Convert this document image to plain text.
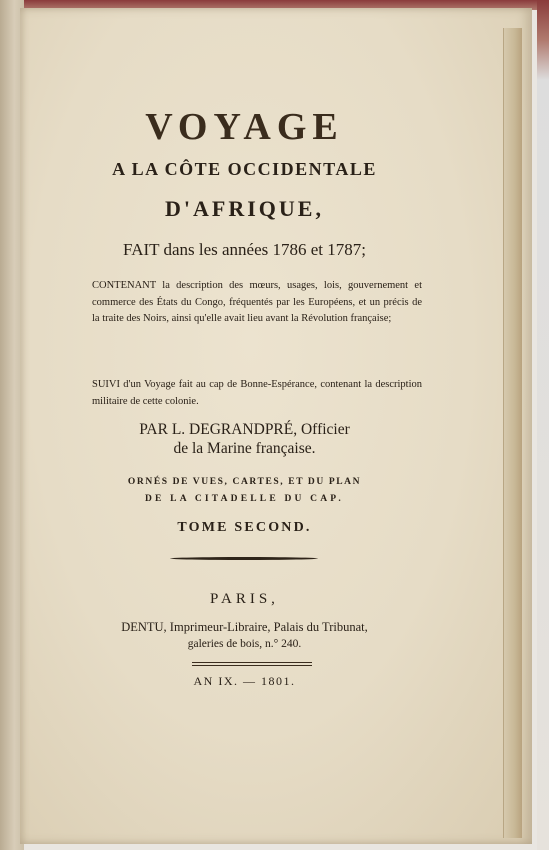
VOYAGE
A LA CÔTE OCCIDENTALE
D'AFRIQUE,
FAIT dans les années 1786 et 1787;
CONTENANT la description des mœurs, usages, lois, gouvernement et commerce des États du Congo, fréquentés par les Européens, et un précis de la traite des Noirs, ainsi qu'elle avait lieu avant la Révolution française;
SUIVI d'un Voyage fait au cap de Bonne-Espérance, contenant la description militaire de cette colonie.
PAR L. DEGRANDPRÉ, Officier
de la Marine française.
ORNÉS DE VUES, CARTES, ET DU PLAN
DE LA CITADELLE DU CAP.
TOME SECOND.
PARIS,
DENTU, Imprimeur-Libraire, Palais du Tribunat,
galeries de bois, n.° 240.
AN IX. — 1801.
